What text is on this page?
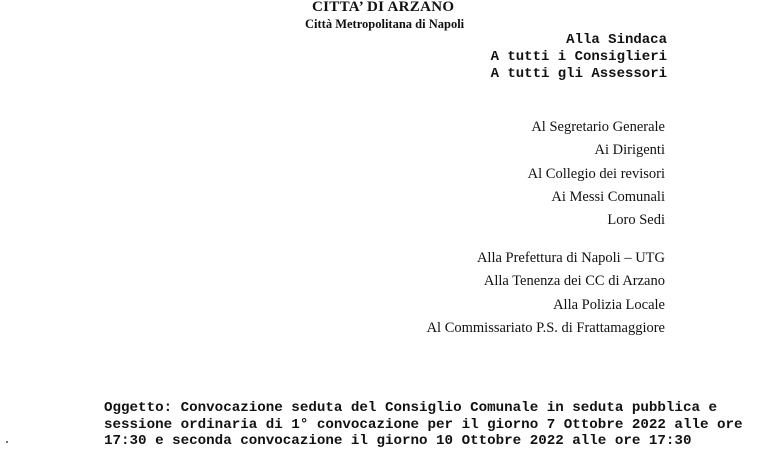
CITTA’ DI ARZANO
Città Metropolitana di Napoli
Alla Sindaca
A tutti i Consiglieri
A tutti gli Assessori
Al Segretario Generale
Ai Dirigenti
Al Collegio dei revisori
Ai Messi Comunali
Loro Sedi
Alla Prefettura di Napoli – UTG
Alla Tenenza dei CC di Arzano
Alla Polizia Locale
Al Commissariato P.S. di Frattamaggiore
Oggetto: Convocazione seduta del Consiglio Comunale in seduta pubblica e
sessione ordinaria di 1° convocazione per il giorno 7 Ottobre 2022 alle ore
17:30 e seconda convocazione il giorno 10 Ottobre 2022 alle ore 17:30
